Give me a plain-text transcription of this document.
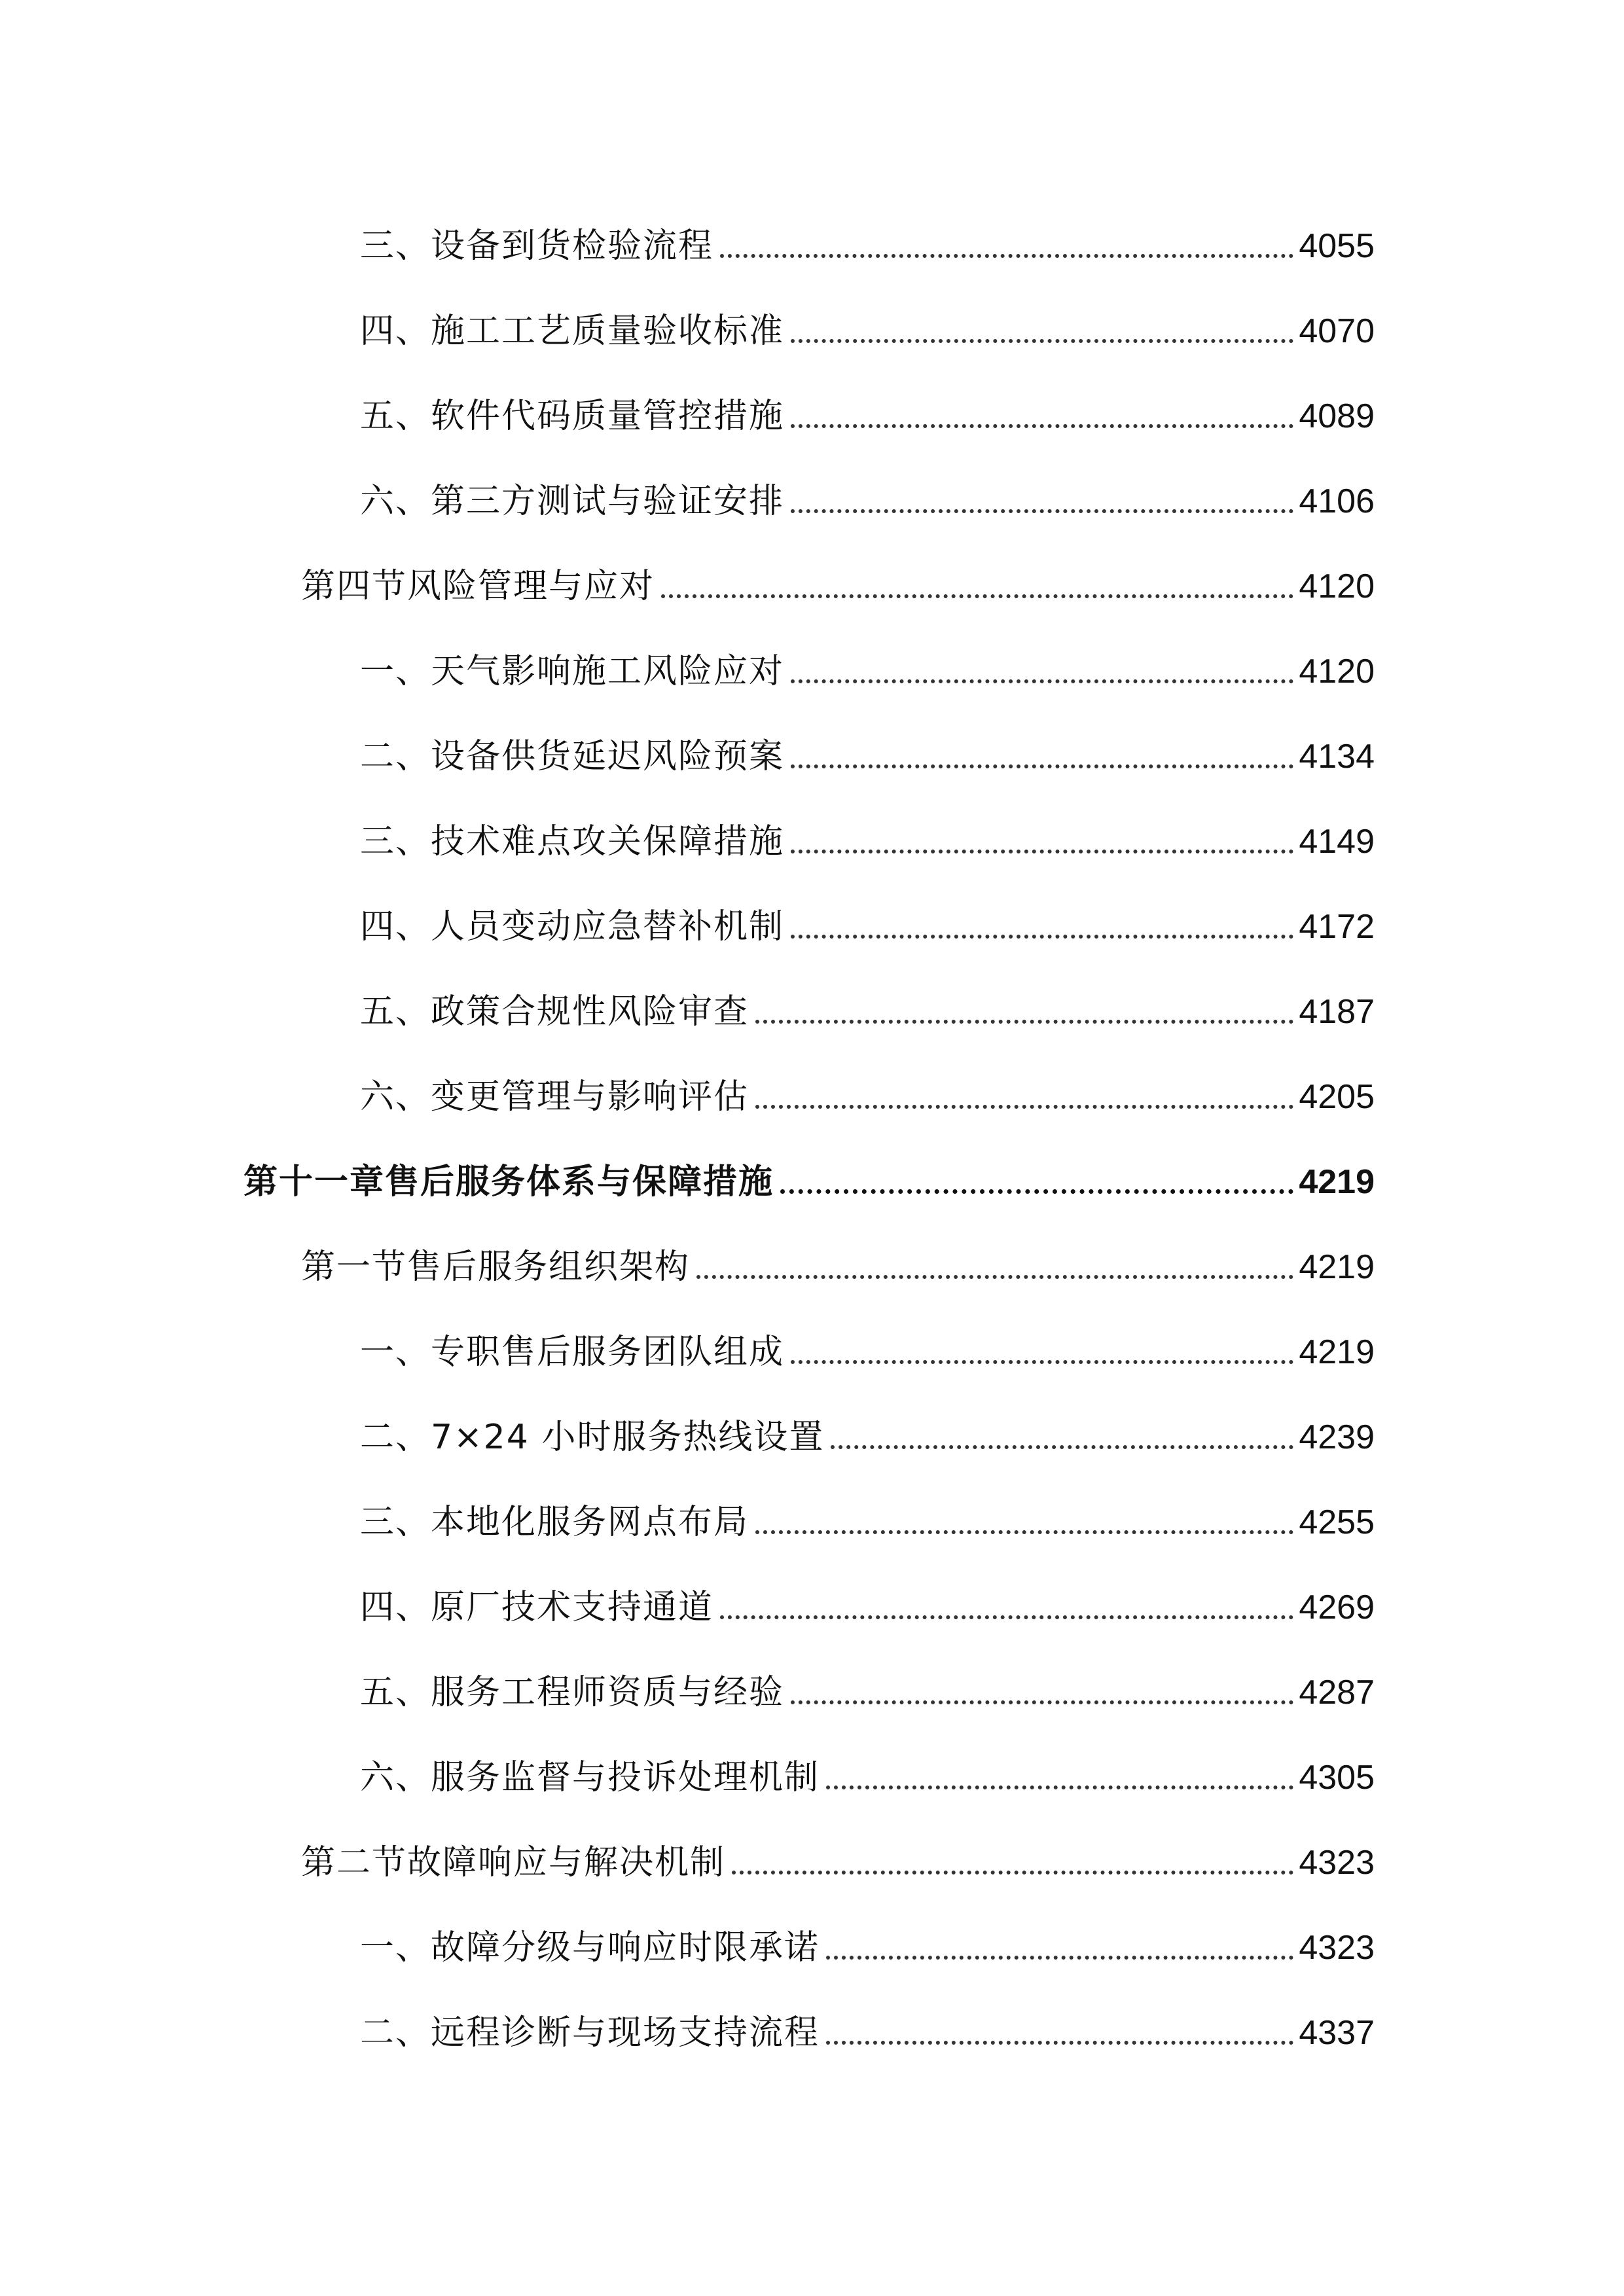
三、设备到货检验流程	4055
四、施工工艺质量验收标准	4070
五、软件代码质量管控措施	4089
六、第三方测试与验证安排	4106
第四节风险管理与应对	4120
一、天气影响施工风险应对	4120
二、设备供货延迟风险预案	4134
三、技术难点攻关保障措施	4149
四、人员变动应急替补机制	4172
五、政策合规性风险审查	4187
六、变更管理与影响评估	4205
第十一章售后服务体系与保障措施	4219
第一节售后服务组织架构	4219
一、专职售后服务团队组成	4219
二、7×24 小时服务热线设置	4239
三、本地化服务网点布局	4255
四、原厂技术支持通道	4269
五、服务工程师资质与经验	4287
六、服务监督与投诉处理机制	4305
第二节故障响应与解决机制	4323
一、故障分级与响应时限承诺	4323
二、远程诊断与现场支持流程	4337
